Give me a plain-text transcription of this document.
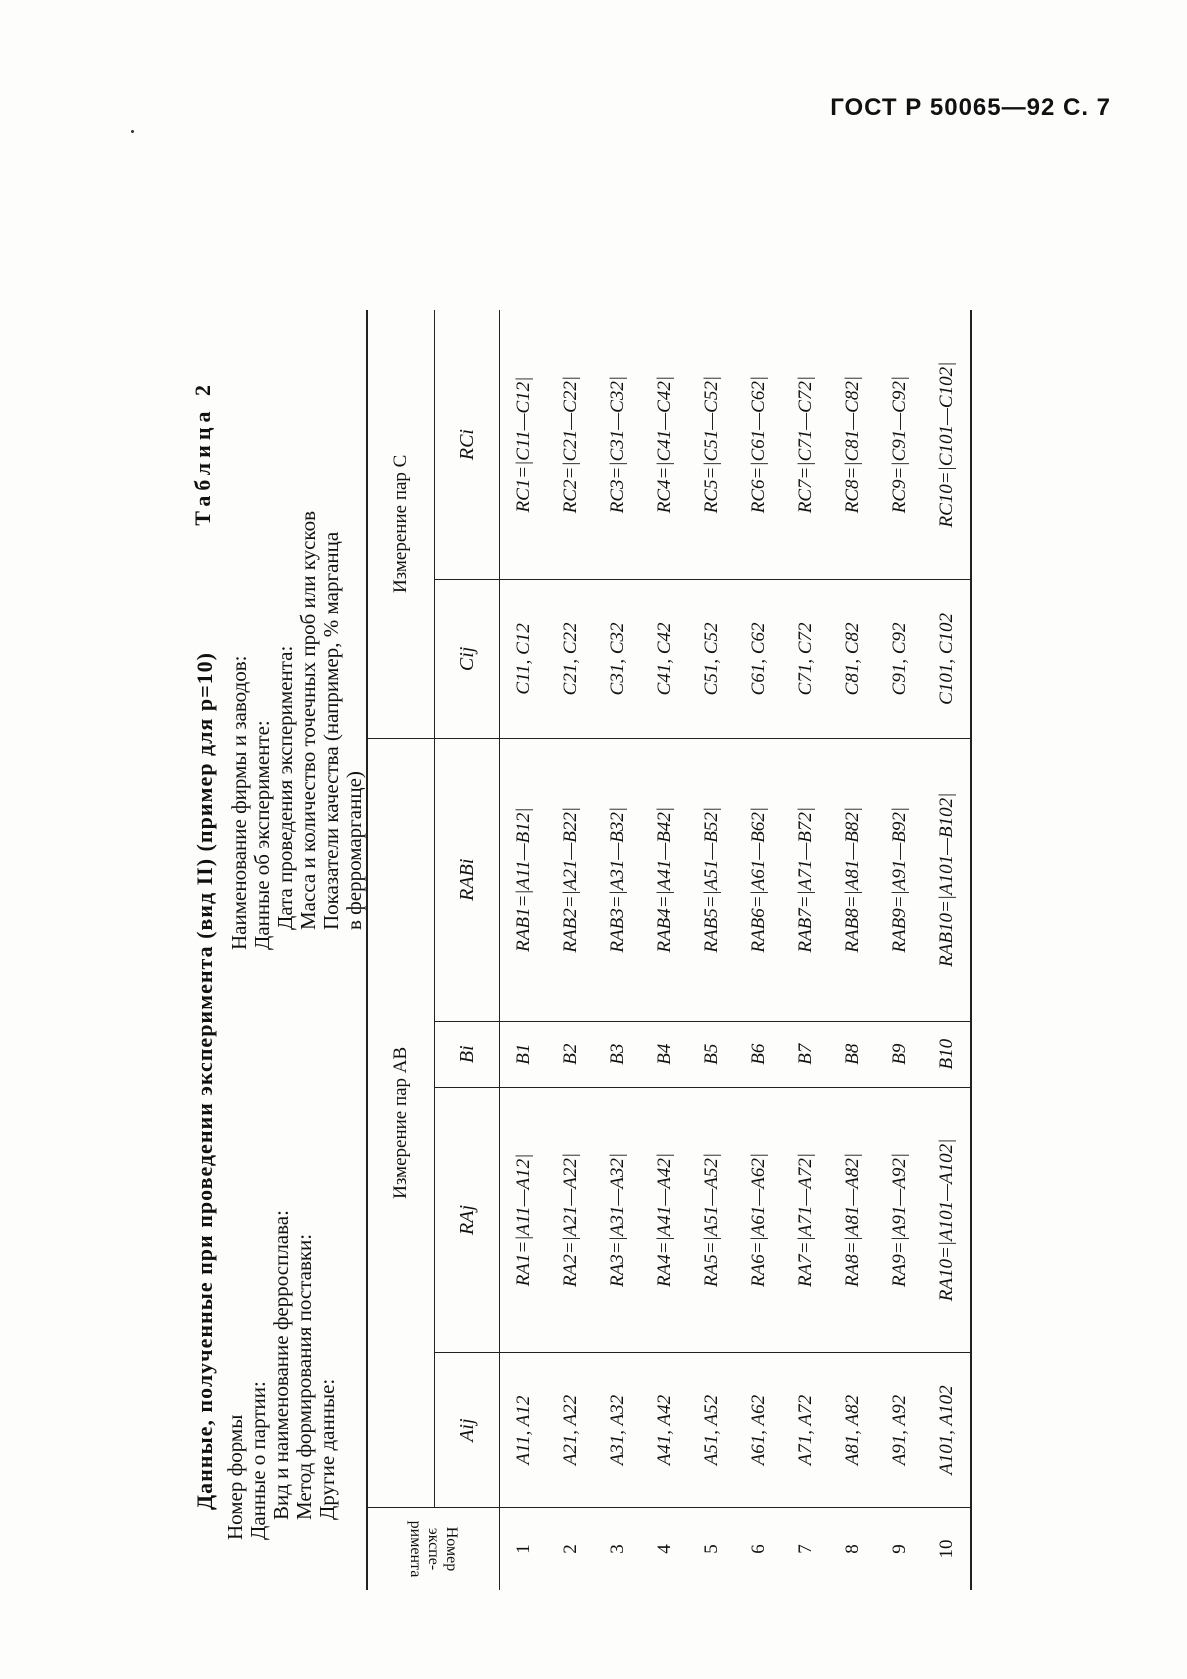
ГОСТ Р 50065—92 С. 7
Таблица 2
Данные, полученные при проведении эксперимента (вид II) (пример для p=10) Номер формы Данные о партии: Вид и наименование ферросплава: Метод формирования поставки: Другие данные:
Наименование фирмы и заводов: Данные об эксперименте: Дата проведения эксперимента: Масса и количество точечных проб или кусков Показатели качества (например, % марганца в ферромарганце)
Номер экспе-
римента	Измерение пар AB				Измерение пар C	
	Aij	RAj	Bi	RABi	Cij	RCi
1	A11, A12	RA1=|A11—A12|	B1	RAB1=|A11—B12|	C11, C12	RC1=|C11—C12|
2	A21, A22	RA2=|A21—A22|	B2	RAB2=|A21—B22|	C21, C22	RC2=|C21—C22|
3	A31, A32	RA3=|A31—A32|	B3	RAB3=|A31—B32|	C31, C32	RC3=|C31—C32|
4	A41, A42	RA4=|A41—A42|	B4	RAB4=|A41—B42|	C41, C42	RC4=|C41—C42|
5	A51, A52	RA5=|A51—A52|	B5	RAB5=|A51—B52|	C51, C52	RC5=|C51—C52|
6	A61, A62	RA6=|A61—A62|	B6	RAB6=|A61—B62|	C61, C62	RC6=|C61—C62|
7	A71, A72	RA7=|A71—A72|	B7	RAB7=|A71—B72|	C71, C72	RC7=|C71—C72|
8	A81, A82	RA8=|A81—A82|	B8	RAB8=|A81—B82|	C81, C82	RC8=|C81—C82|
9	A91, A92	RA9=|A91—A92|	B9	RAB9=|A91—B92|	C91, C92	RC9=|C91—C92|
10	A101, A102	RA10=|A101—A102|	B10	RAB10=|A101—B102|	C101, C102	RC10=|C101—C102|
